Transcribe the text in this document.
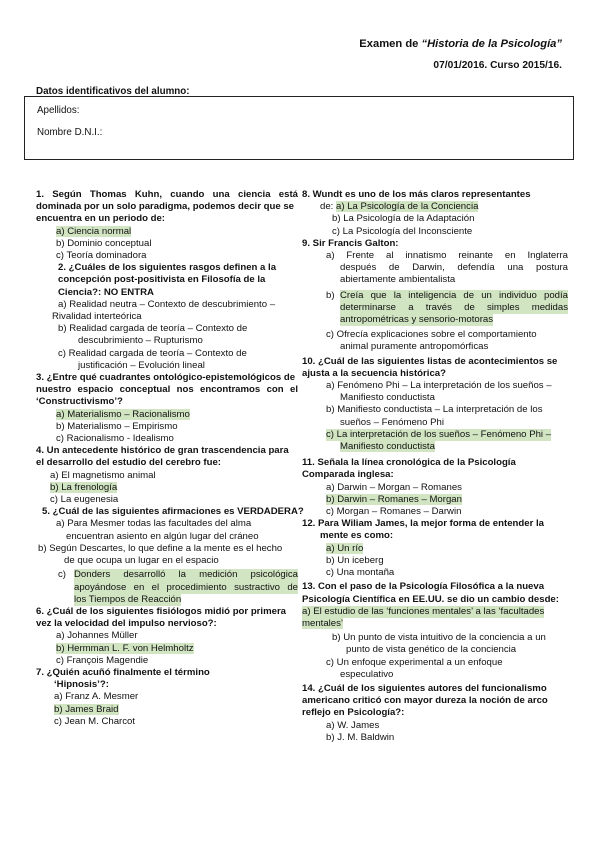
Examen de “Historia de la Psicología”
07/01/2016. Curso 2015/16.
Datos identificativos del alumno:
Apellidos:
Nombre D.N.I.:
1. Según Thomas Kuhn, cuando una ciencia está
dominada por un solo paradigma, podemos decir que se
encuentra en un periodo de:
a) Ciencia normal
b) Dominio conceptual
c) Teoría dominadora
2. ¿Cuáles de los siguientes rasgos definen a la
concepción post-positivista en Filosofía de la
Ciencia?: NO ENTRA
a) Realidad neutra – Contexto de descubrimiento –
Rivalidad interteórica
b) Realidad cargada de teoría – Contexto de
descubrimiento – Rupturismo
c) Realidad cargada de teoría – Contexto de
justificación – Evolución lineal
3. ¿Entre qué cuadrantes ontológico-epistemológicos de
nuestro espacio conceptual nos encontramos con el
‘Constructivismo’?
a) Materialismo – Racionalismo
b) Materialismo – Empirismo
c) Racionalismo - Idealismo
4. Un antecedente histórico de gran trascendencia para
el desarrollo del estudio del cerebro fue:
a) El magnetismo animal
b) La frenología
c) La eugenesia
5. ¿Cuál de las siguientes afirmaciones es VERDADERA?
a) Para Mesmer todas las facultades del alma
encuentran asiento en algún lugar del cráneo
b) Según Descartes, lo que define a la mente es el hecho
de que ocupa un lugar en el espacio
c) Donders desarrolló la medición psicológica
apoyándose en el procedimiento sustractivo de
los Tiempos de Reacción
6. ¿Cuál de los siguientes fisiólogos midió por primera
vez la velocidad del impulso nervioso?:
a) Johannes Müller
b) Hermman L. F. von Helmholtz
c) François Magendie
7. ¿Quién acuñó finalmente el término
‘Hipnosis’?:
a) Franz A. Mesmer
b) James Braid
c) Jean M. Charcot
8. Wundt es uno de los más claros representantes
de: a) La Psicología de la Conciencia
b) La Psicología de la Adaptación
c) La Psicología del Inconsciente
9. Sir Francis Galton:
a) Frente al innatismo reinante en Inglaterra
después de Darwin, defendía una postura
abiertamente ambientalista
b) Creía que la inteligencia de un individuo podía
determinarse a través de simples medidas
antropométricas y sensorio-motoras
c) Ofrecía explicaciones sobre el comportamiento
animal puramente antropomórficas
10. ¿Cuál de las siguientes listas de acontecimientos se
ajusta a la secuencia histórica?
a) Fenómeno Phi – La interpretación de los sueños –
Manifiesto conductista
b) Manifiesto conductista – La interpretación de los
sueños – Fenómeno Phi
c) La interpretación de los sueños – Fenómeno Phi –
Manifiesto conductista
11. Señala la línea cronológica de la Psicología
Comparada inglesa:
a) Darwin – Morgan – Romanes
b) Darwin – Romanes – Morgan
c) Morgan – Romanes – Darwin
12. Para Wiliam James, la mejor forma de entender la
mente es como:
a) Un río
b) Un iceberg
c) Una montaña
13. Con el paso de la Psicología Filosófica a la nueva
Psicología Científica en EE.UU. se dio un cambio desde:
a) El estudio de las ‘funciones mentales’ a las ‘facultades
mentales’
b) Un punto de vista intuitivo de la conciencia a un
punto de vista genético de la conciencia
c) Un enfoque experimental a un enfoque
especulativo
14. ¿Cuál de los siguientes autores del funcionalismo
americano criticó con mayor dureza la noción de arco
reflejo en Psicología?:
a) W. James
b) J. M. Baldwin
